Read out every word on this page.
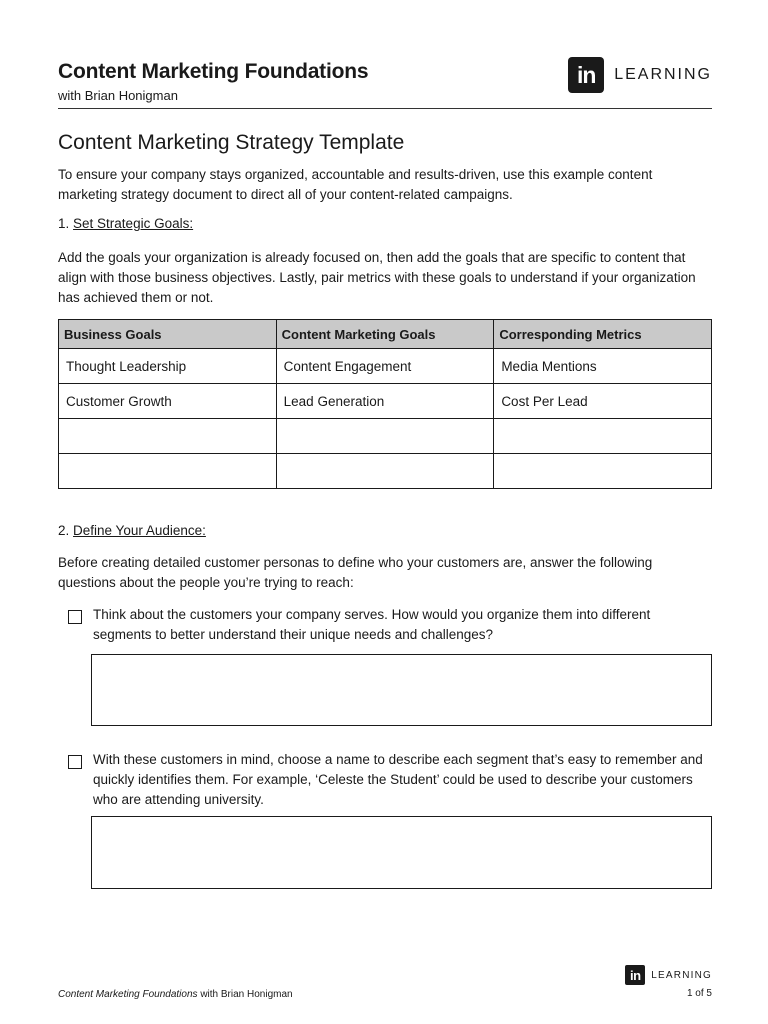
Content Marketing Foundations
with Brian Honigman
in	LEARNING
Content Marketing Strategy Template
To ensure your company stays organized, accountable and results-driven, use this example content marketing strategy document to direct all of your content-related campaigns.
1. Set Strategic Goals:
Add the goals your organization is already focused on, then add the goals that are specific to content that align with those business objectives. Lastly, pair metrics with these goals to understand if your organization has achieved them or not.
Business Goals	Content Marketing Goals	Corresponding Metrics
Thought Leadership	Content Engagement	Media Mentions
Customer Growth	Lead Generation	Cost Per Lead

2. Define Your Audience:
Before creating detailed customer personas to define who your customers are, answer the following questions about the people you’re trying to reach:
Think about the customers your company serves. How would you organize them into different segments to better understand their unique needs and challenges?
With these customers in mind, choose a name to describe each segment that’s easy to remember and quickly identifies them. For example, ‘Celeste the Student’ could be used to describe your customers who are attending university.
in	LEARNING
Content Marketing Foundations with Brian Honigman	1 of 5
